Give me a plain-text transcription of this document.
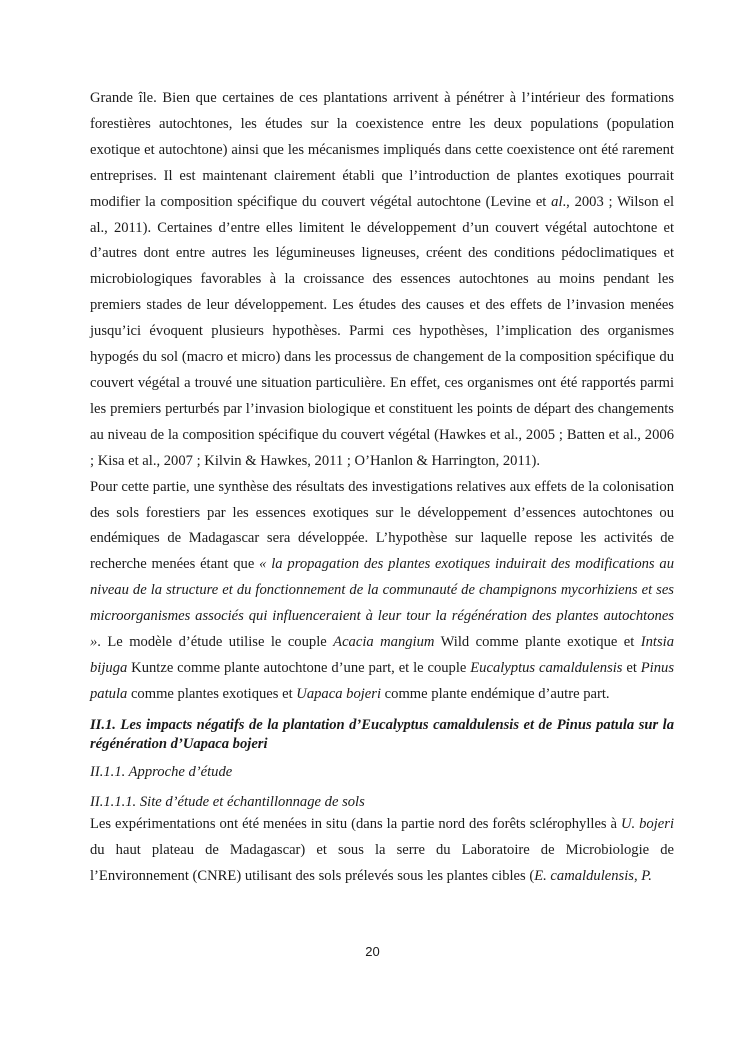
Grande île. Bien que certaines de ces plantations arrivent à pénétrer à l’intérieur des formations forestières autochtones, les études sur la coexistence entre les deux populations (population exotique et autochtone) ainsi que les mécanismes impliqués dans cette coexistence ont été rarement entreprises. Il est maintenant clairement établi que l’introduction de plantes exotiques pourrait modifier la composition spécifique du couvert végétal autochtone (Levine et al., 2003 ; Wilson el al., 2011). Certaines d’entre elles limitent le développement d’un couvert végétal autochtone et d’autres dont entre autres les légumineuses ligneuses, créent des conditions pédoclimatiques et microbiologiques favorables à la croissance des essences autochtones au moins pendant les premiers stades de leur développement. Les études des causes et des effets de l’invasion menées jusqu’ici évoquent plusieurs hypothèses. Parmi ces hypothèses, l’implication des organismes hypogés du sol (macro et micro) dans les processus de changement de la composition spécifique du couvert végétal a trouvé une situation particulière. En effet, ces organismes ont été rapportés parmi les premiers perturbés par l’invasion biologique et constituent les points de départ des changements au niveau de la composition spécifique du couvert végétal (Hawkes et al., 2005 ; Batten et al., 2006 ; Kisa et al., 2007 ; Kilvin & Hawkes, 2011 ; O’Hanlon & Harrington, 2011).

Pour cette partie, une synthèse des résultats des investigations relatives aux effets de la colonisation des sols forestiers par les essences exotiques sur le développement d’essences autochtones ou endémiques de Madagascar sera développée. L’hypothèse sur laquelle repose les activités de recherche menées étant que « la propagation des plantes exotiques induirait des modifications au niveau de la structure et du fonctionnement de la communauté de champignons mycorhiziens et ses microorganismes associés qui influenceraient à leur tour la régénération des plantes autochtones ». Le modèle d’étude utilise le couple Acacia mangium Wild comme plante exotique et Intsia bijuga Kuntze comme plante autochtone d’une part, et le couple Eucalyptus camaldulensis et Pinus patula comme plantes exotiques et Uapaca bojeri comme plante endémique d’autre part.

II.1. Les impacts négatifs de la plantation d’Eucalyptus camaldulensis et de Pinus patula sur la régénération d’Uapaca bojeri

II.1.1. Approche d’étude

II.1.1.1. Site d’étude et échantillonnage de sols

Les expérimentations ont été menées in situ (dans la partie nord des forêts sclérophylles à U. bojeri du haut plateau de Madagascar) et sous la serre du Laboratoire de Microbiologie de l’Environnement (CNRE) utilisant des sols prélevés sous les plantes cibles (E. camaldulensis, P.

20
